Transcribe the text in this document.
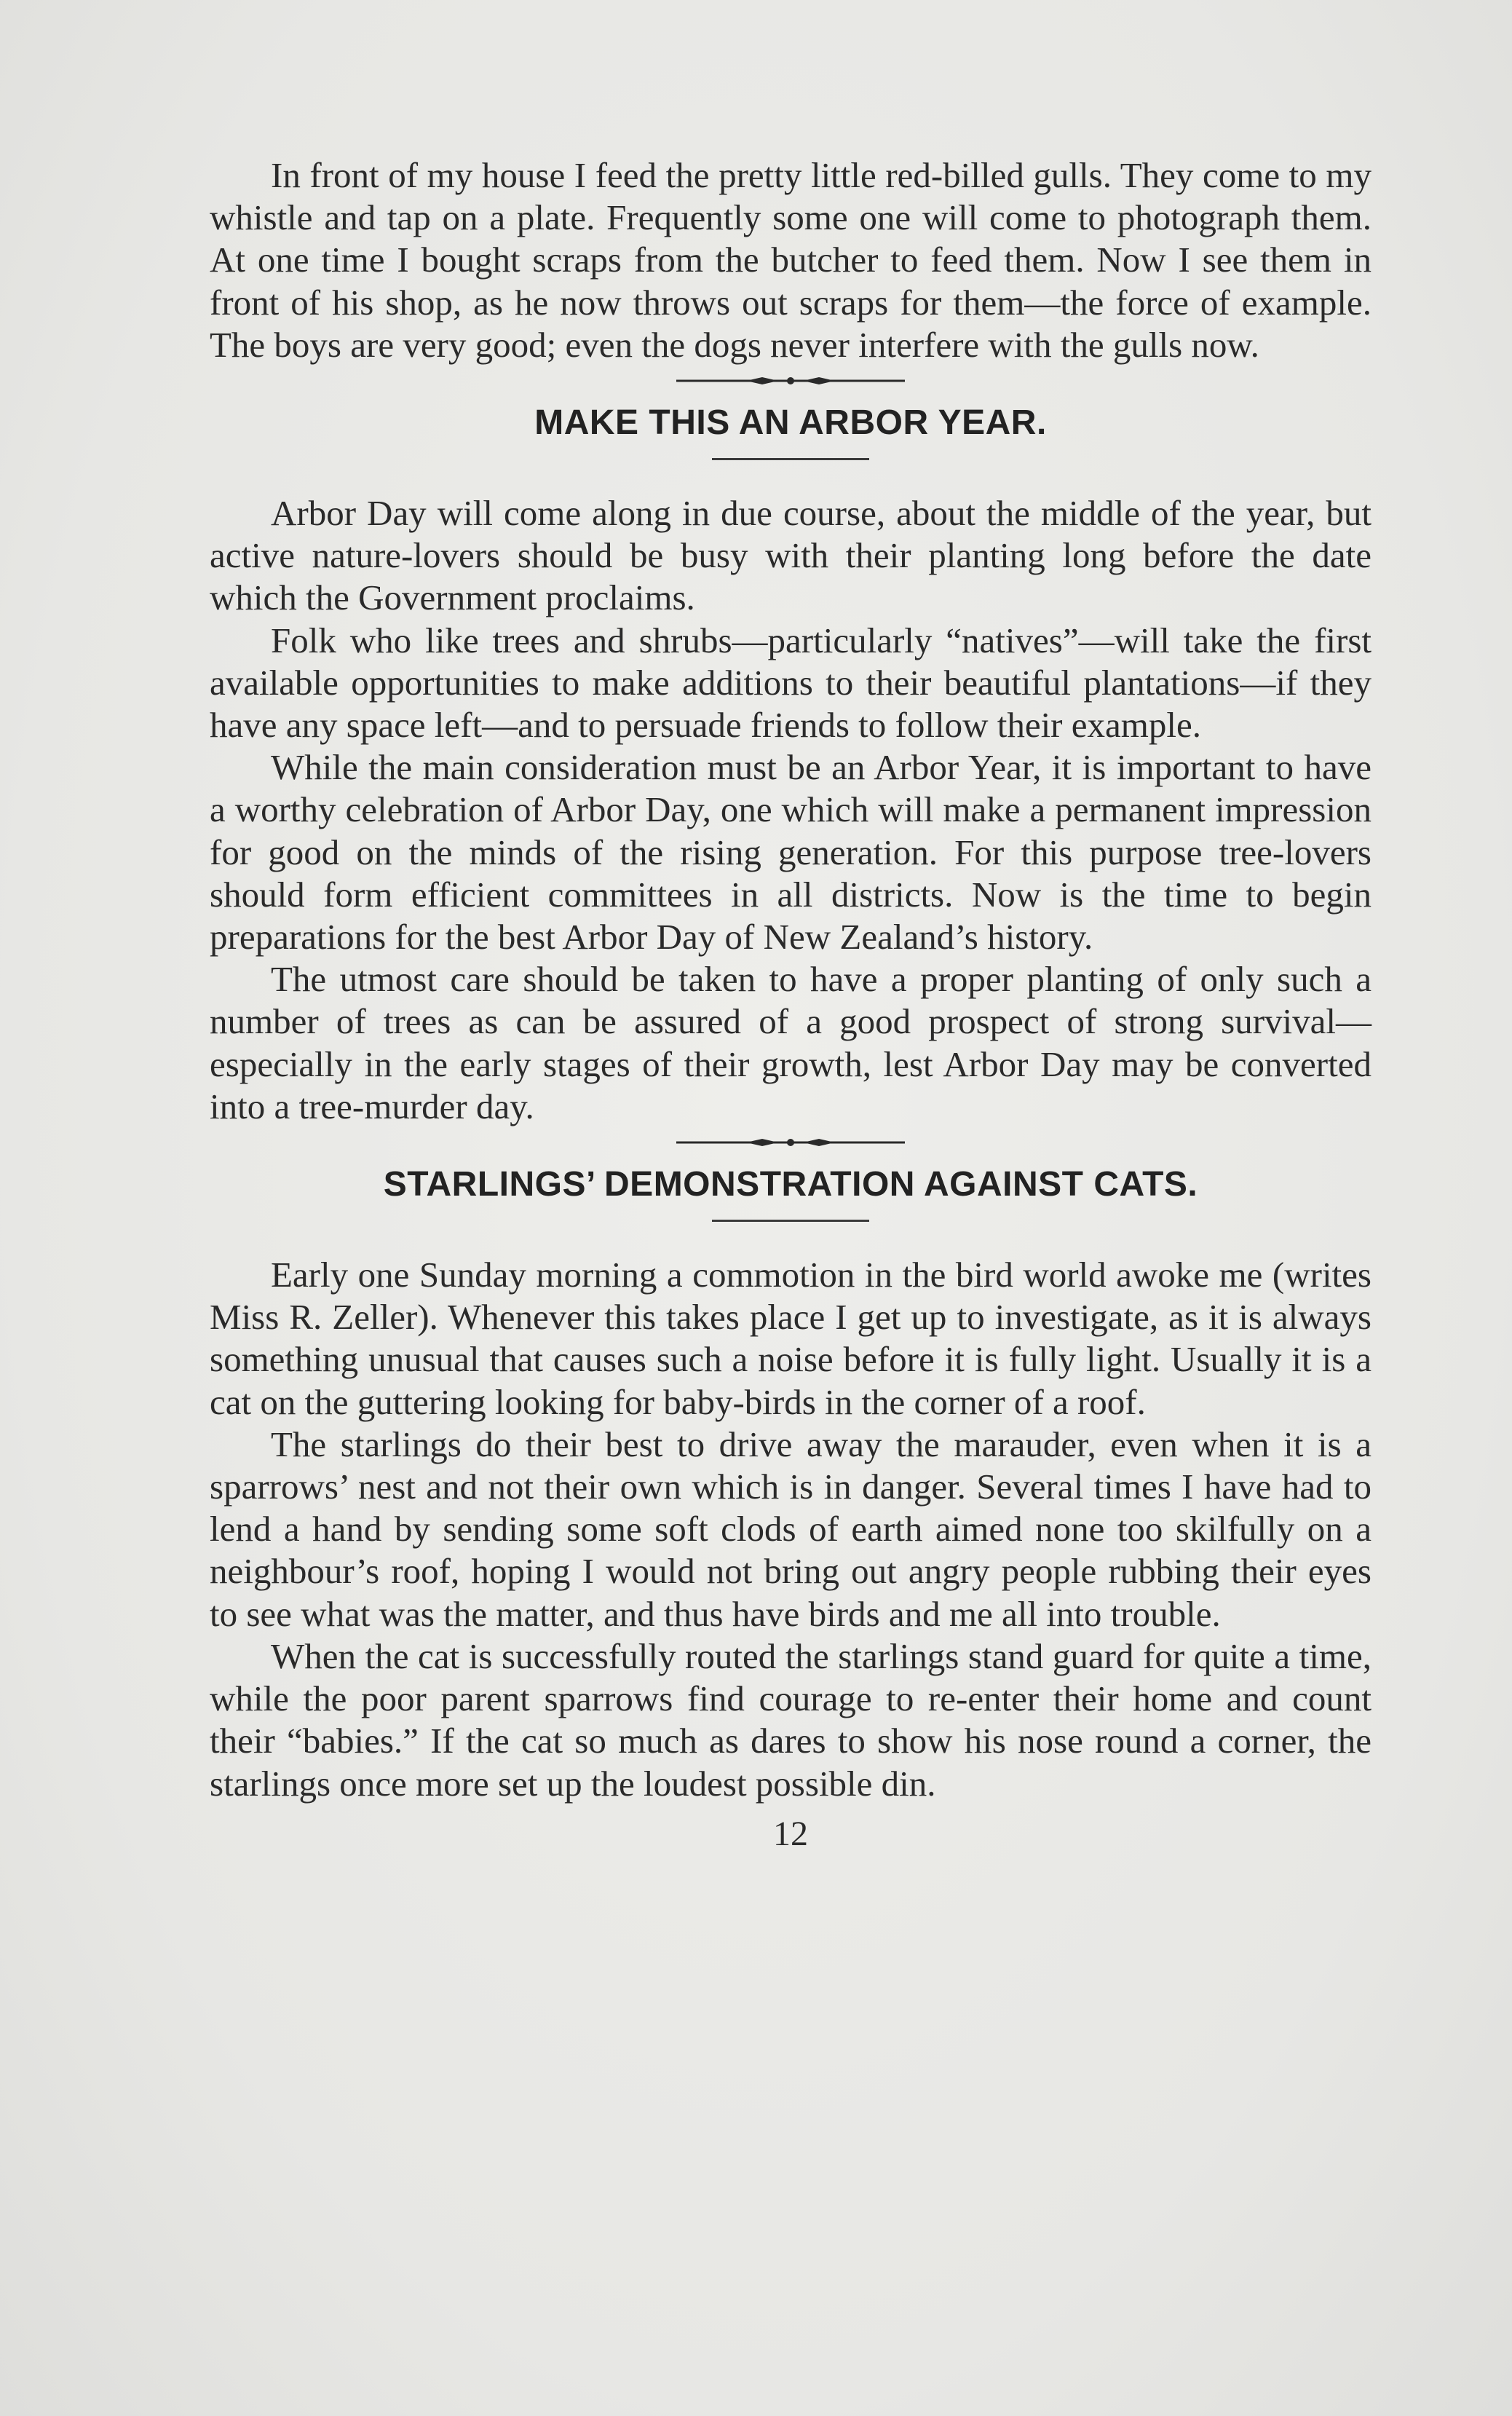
In front of my house I feed the pretty little red-billed gulls. They come to my whistle and tap on a plate. Frequently some one will come to photograph them. At one time I bought scraps from the butcher to feed them. Now I see them in front of his shop, as he now throws out scraps for them—the force of example. The boys are very good; even the dogs never interfere with the gulls now.

MAKE THIS AN ARBOR YEAR.

Arbor Day will come along in due course, about the middle of the year, but active nature-lovers should be busy with their planting long before the date which the Government proclaims.

Folk who like trees and shrubs—particularly “natives”—will take the first available opportunities to make additions to their beautiful plantations—if they have any space left—and to persuade friends to follow their example.

While the main consideration must be an Arbor Year, it is important to have a worthy celebration of Arbor Day, one which will make a permanent impression for good on the minds of the rising generation. For this purpose tree-lovers should form efficient committees in all districts. Now is the time to begin preparations for the best Arbor Day of New Zealand’s history.

The utmost care should be taken to have a proper planting of only such a number of trees as can be assured of a good prospect of strong survival—especially in the early stages of their growth, lest Arbor Day may be converted into a tree-murder day.

STARLINGS’ DEMONSTRATION AGAINST CATS.

Early one Sunday morning a commotion in the bird world awoke me (writes Miss R. Zeller). Whenever this takes place I get up to investigate, as it is always something unusual that causes such a noise before it is fully light. Usually it is a cat on the guttering looking for baby-birds in the corner of a roof.

The starlings do their best to drive away the marauder, even when it is a sparrows’ nest and not their own which is in danger. Several times I have had to lend a hand by sending some soft clods of earth aimed none too skilfully on a neighbour’s roof, hoping I would not bring out angry people rubbing their eyes to see what was the matter, and thus have birds and me all into trouble.

When the cat is successfully routed the starlings stand guard for quite a time, while the poor parent sparrows find courage to re-enter their home and count their “babies.” If the cat so much as dares to show his nose round a corner, the starlings once more set up the loudest possible din.

12
